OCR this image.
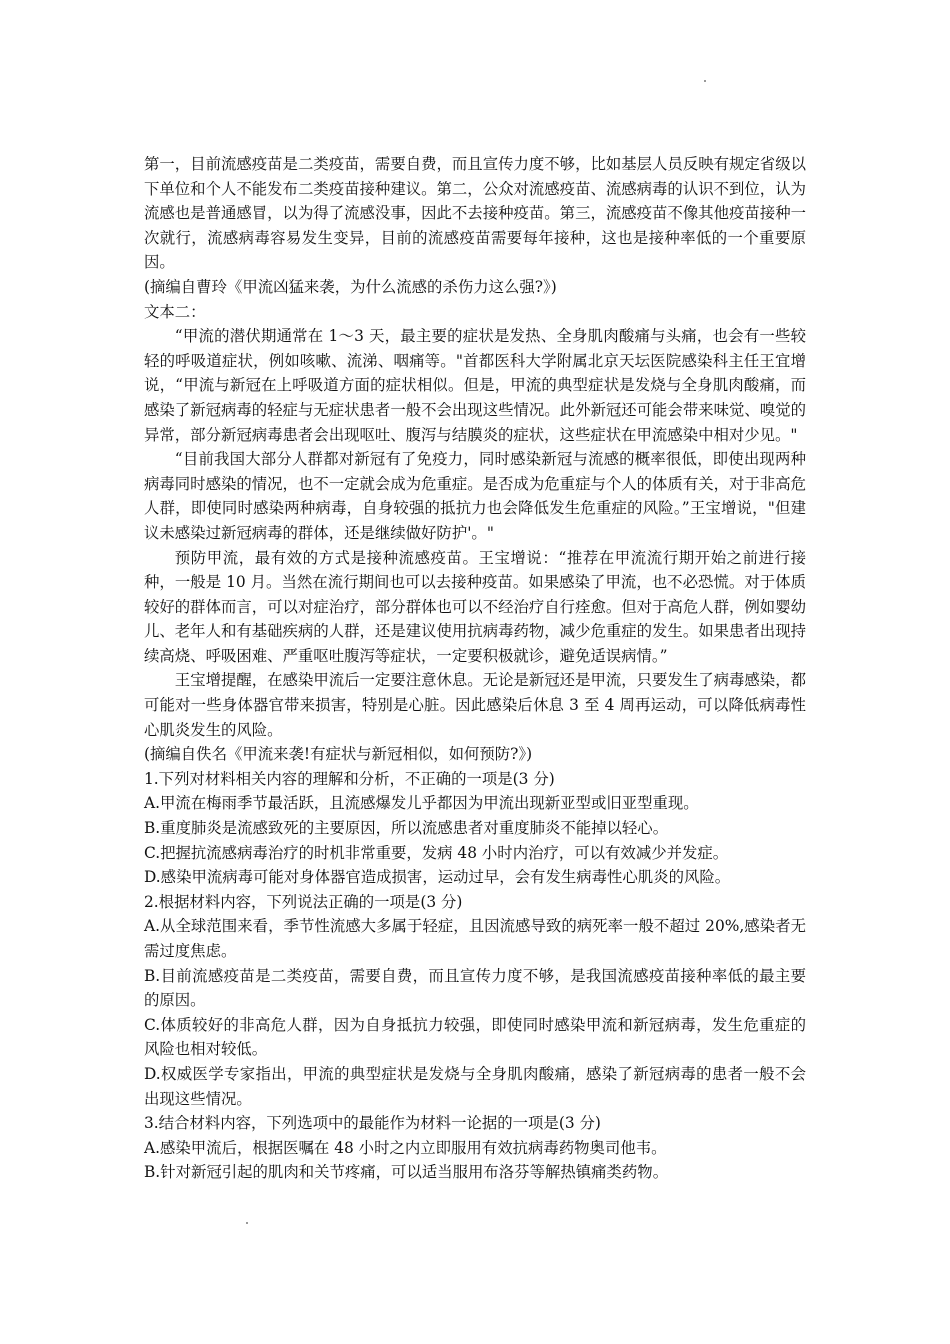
第一，目前流感疫苗是二类疫苗，需要自费，而且宣传力度不够，比如基层人员反映有规定省级以下单位和个人不能发布二类疫苗接种建议。第二，公众对流感疫苗、流感病毒的认识不到位，认为流感也是普通感冒，以为得了流感没事，因此不去接种疫苗。第三，流感疫苗不像其他疫苗接种一次就行，流感病毒容易发生变异，目前的流感疫苗需要每年接种，这也是接种率低的一个重要原因。

(摘编自曹玲《甲流凶猛来袭，为什么流感的杀伤力这么强?》)

文本二：

“甲流的潜伏期通常在 1～3 天，最主要的症状是发热、全身肌肉酸痛与头痛，也会有一些较轻的呼吸道症状，例如咳嗽、流涕、咽痛等。"首都医科大学附属北京天坛医院感染科主任王宜增说，“甲流与新冠在上呼吸道方面的症状相似。但是，甲流的典型症状是发烧与全身肌肉酸痛，而感染了新冠病毒的轻症与无症状患者一般不会出现这些情况。此外新冠还可能会带来味觉、嗅觉的异常，部分新冠病毒患者会出现呕吐、腹泻与结膜炎的症状，这些症状在甲流感染中相对少见。"

“目前我国大部分人群都对新冠有了免疫力，同时感染新冠与流感的概率很低，即使出现两种病毒同时感染的情况，也不一定就会成为危重症。是否成为危重症与个人的体质有关，对于非高危人群，即使同时感染两种病毒，自身较强的抵抗力也会降低发生危重症的风险。”王宝增说，"但建议未感染过新冠病毒的群体，还是继续做好防护'。"

预防甲流，最有效的方式是接种流感疫苗。王宝增说：“推荐在甲流流行期开始之前进行接种，一般是 10 月。当然在流行期间也可以去接种疫苗。如果感染了甲流，也不必恐慌。对于体质较好的群体而言，可以对症治疗，部分群体也可以不经治疗自行痊愈。但对于高危人群，例如婴幼儿、老年人和有基础疾病的人群，还是建议使用抗病毒药物，减少危重症的发生。如果患者出现持续高烧、呼吸困难、严重呕吐腹泻等症状，一定要积极就诊，避免适误病情。”

王宝增提醒，在感染甲流后一定要注意休息。无论是新冠还是甲流，只要发生了病毒感染，都可能对一些身体器官带来损害，特别是心脏。因此感染后休息 3 至 4 周再运动，可以降低病毒性心肌炎发生的风险。

(摘编自佚名《甲流来袭!有症状与新冠相似，如何预防?》)

1.下列对材料相关内容的理解和分析，不正确的一项是(3 分)

A.甲流在梅雨季节最活跃，且流感爆发儿乎都因为甲流出现新亚型或旧亚型重现。

B.重度肺炎是流感致死的主要原因，所以流感患者对重度肺炎不能掉以轻心。

C.把握抗流感病毒治疗的时机非常重要，发病 48 小时内治疗，可以有效减少并发症。

D.感染甲流病毒可能对身体器官造成损害，运动过早，会有发生病毒性心肌炎的风险。

2.根据材料内容，下列说法正确的一项是(3 分)

A.从全球范围来看，季节性流感大多属于轻症，且因流感导致的病死率一般不超过 20%,感染者无需过度焦虑。

B.目前流感疫苗是二类疫苗，需要自费，而且宣传力度不够，是我国流感疫苗接种率低的最主要的原因。

C.体质较好的非高危人群，因为自身抵抗力较强，即使同时感染甲流和新冠病毒，发生危重症的风险也相对较低。

D.权威医学专家指出，甲流的典型症状是发烧与全身肌肉酸痛，感染了新冠病毒的患者一般不会出现这些情况。

3.结合材料内容，下列选项中的最能作为材料一论据的一项是(3 分)

A.感染甲流后，根据医嘱在 48 小时之内立即服用有效抗病毒药物奥司他韦。

B.针对新冠引起的肌肉和关节疼痛，可以适当服用布洛芬等解热镇痛类药物。
